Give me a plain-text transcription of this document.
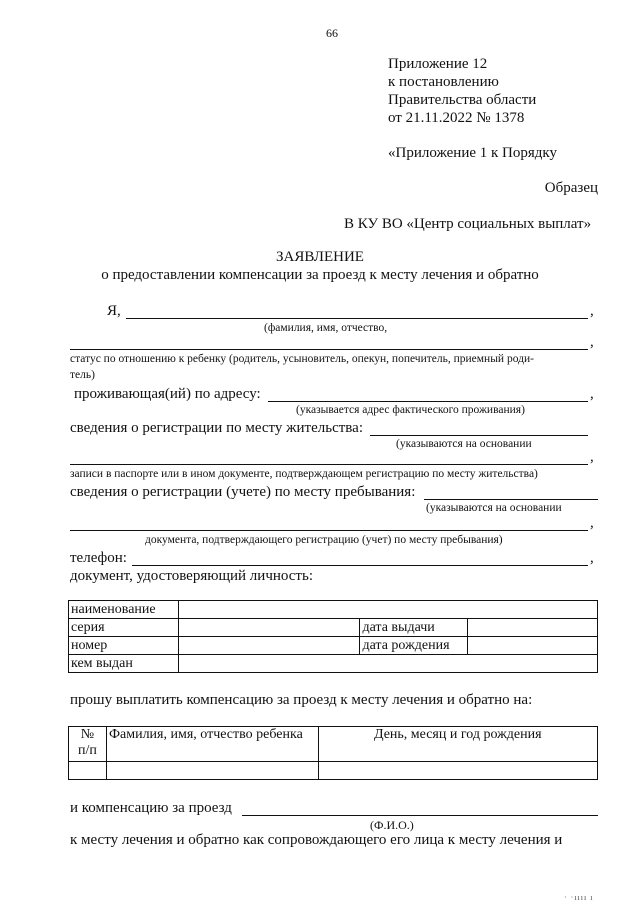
66
Приложение 12
к постановлению
Правительства области
от 21.11.2022 № 1378
«Приложение 1 к Порядку
Образец
В КУ ВО «Центр социальных выплат»
ЗАЯВЛЕНИЕ
о предоставлении компенсации за проезд к месту лечения и обратно
Я,	,
(фамилия, имя, отчество,
,
статус по отношению к ребенку (родитель, усыновитель, опекун, попечитель, приемный роди-
тель)
проживающая(ий) по адресу:	,
(указывается адрес фактического проживания)
сведения о регистрации по месту жительства:
(указываются на основании
,
записи в паспорте или в ином документе, подтверждающем регистрацию по месту жительства)
сведения о регистрации (учете) по месту пребывания:
(указываются на основании
,
документа, подтверждающего регистрацию (учет) по месту пребывания)
телефон:	,
документ, удостоверяющий личность:
наименование			
серия		дата выдачи	
номер		дата рождения	
кем выдан			
прошу выплатить компенсацию за проезд к месту лечения и обратно на:
№
п/п	Фамилия, имя, отчество ребенка	День, месяц и год рождения

и компенсацию за проезд
(Ф.И.О.)
к месту лечения и обратно как сопровождающего его лица к месту лечения и
· ·ıııı ı
